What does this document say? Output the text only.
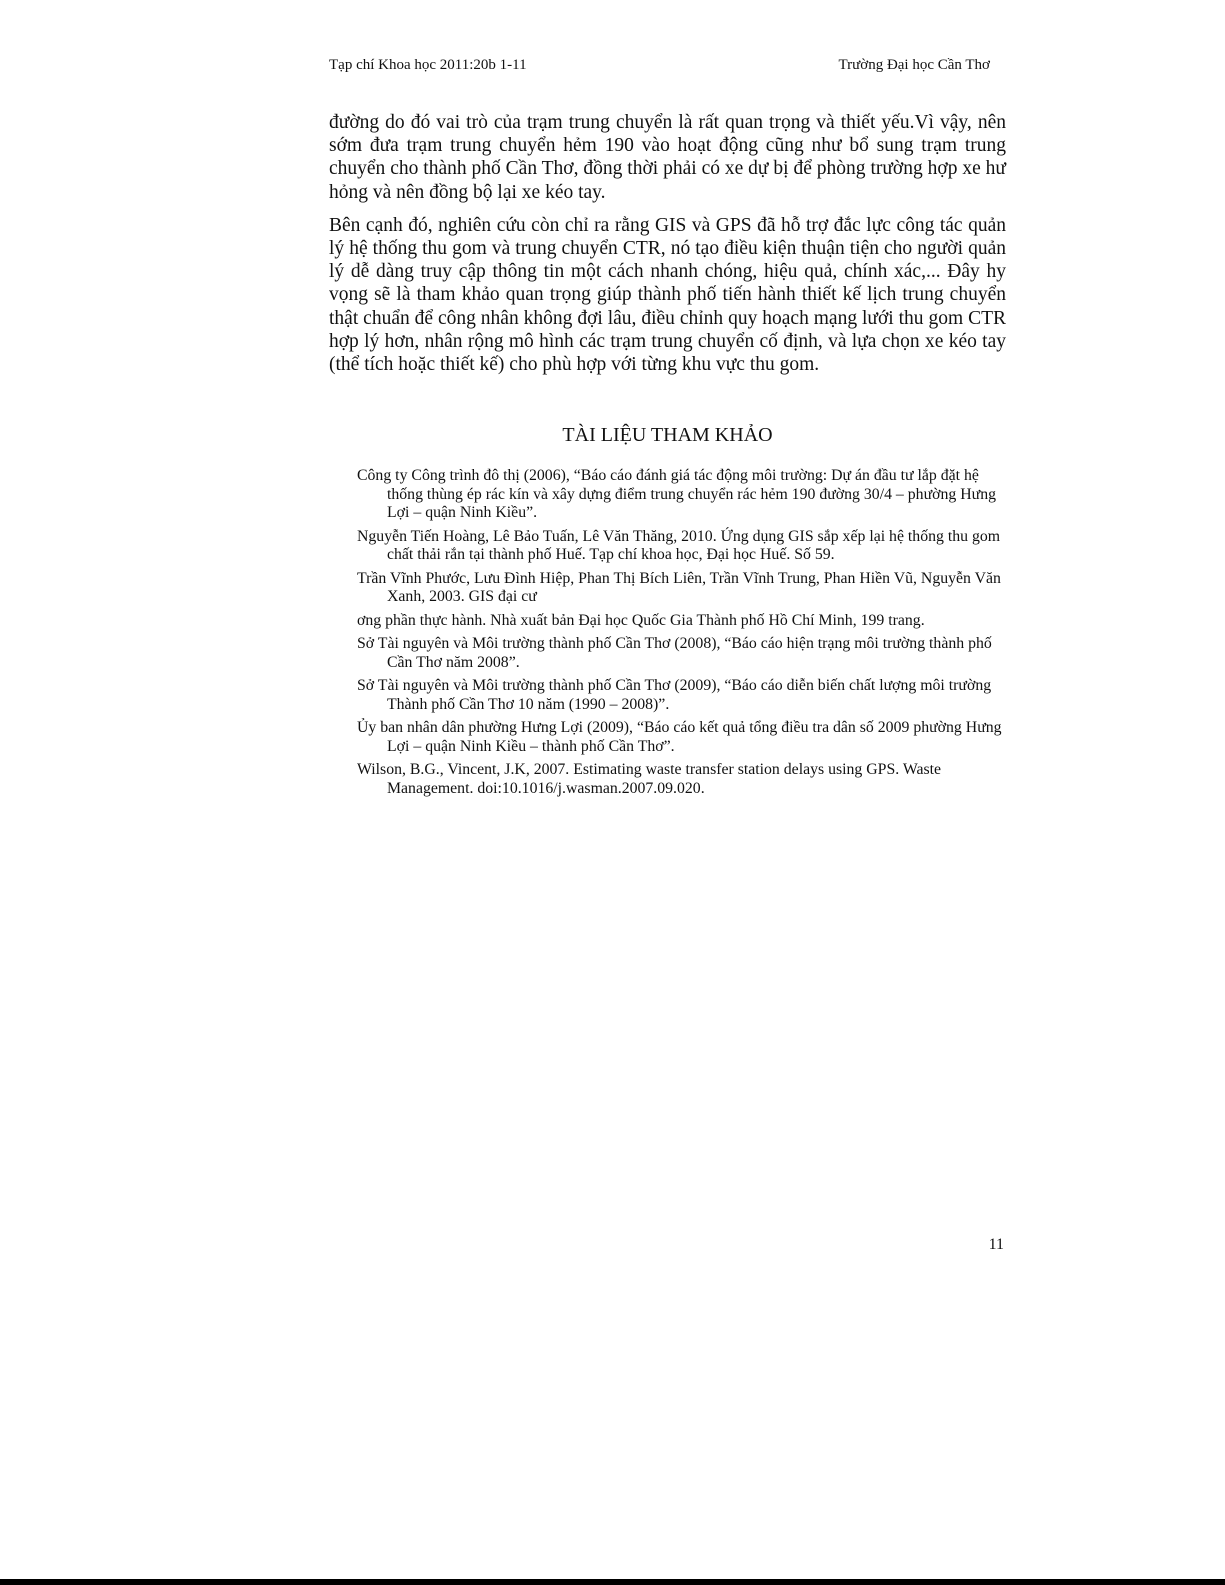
Tạp chí Khoa học 2011:20b 1-11	Trường Đại học Cần Thơ

đường do đó vai trò của trạm trung chuyển là rất quan trọng và thiết yếu.Vì vậy, nên sớm đưa trạm trung chuyển hẻm 190 vào hoạt động cũng như bổ sung trạm trung chuyển cho thành phố Cần Thơ, đồng thời phải có xe dự bị để phòng trường hợp xe hư hỏng và nên đồng bộ lại xe kéo tay.

Bên cạnh đó, nghiên cứu còn chỉ ra rằng GIS và GPS đã hỗ trợ đắc lực công tác quản lý hệ thống thu gom và trung chuyển CTR, nó tạo điều kiện thuận tiện cho người quản lý dễ dàng truy cập thông tin một cách nhanh chóng, hiệu quả, chính xác,... Đây hy vọng sẽ là tham khảo quan trọng giúp thành phố tiến hành thiết kế lịch trung chuyển thật chuẩn để công nhân không đợi lâu, điều chỉnh quy hoạch mạng lưới thu gom CTR hợp lý hơn, nhân rộng mô hình các trạm trung chuyển cố định, và lựa chọn xe kéo tay (thể tích hoặc thiết kế) cho phù hợp với từng khu vực thu gom.

TÀI LIỆU THAM KHẢO
Công ty Công trình đô thị (2006), “Báo cáo đánh giá tác động môi trường: Dự án đầu tư lắp đặt hệ thống thùng ép rác kín và xây dựng điểm trung chuyển rác hẻm 190 đường 30/4 – phường Hưng Lợi – quận Ninh Kiều”.
Nguyễn Tiến Hoàng, Lê Bảo Tuấn, Lê Văn Thăng, 2010. Ứng dụng GIS sắp xếp lại hệ thống thu gom chất thải rắn tại thành phố Huế. Tạp chí khoa học, Đại học Huế. Số 59.
Trần Vĩnh Phước, Lưu Đình Hiệp, Phan Thị Bích Liên, Trần Vĩnh Trung, Phan Hiền Vũ, Nguyễn Văn Xanh, 2003. GIS đại cư
ơng phần thực hành. Nhà xuất bản Đại học Quốc Gia Thành phố Hồ Chí Minh, 199 trang.
Sở Tài nguyên và Môi trường thành phố Cần Thơ (2008), “Báo cáo hiện trạng môi trường thành phố Cần Thơ năm 2008”.
Sở Tài nguyên và Môi trường thành phố Cần Thơ (2009), “Báo cáo diễn biến chất lượng môi trường Thành phố Cần Thơ 10 năm (1990 – 2008)”.
Ủy ban nhân dân phường Hưng Lợi (2009), “Báo cáo kết quả tổng điều tra dân số 2009 phường Hưng Lợi – quận Ninh Kiều – thành phố Cần Thơ”.
Wilson, B.G., Vincent, J.K, 2007. Estimating waste transfer station delays using GPS. Waste Management. doi:10.1016/j.wasman.2007.09.020.
11
